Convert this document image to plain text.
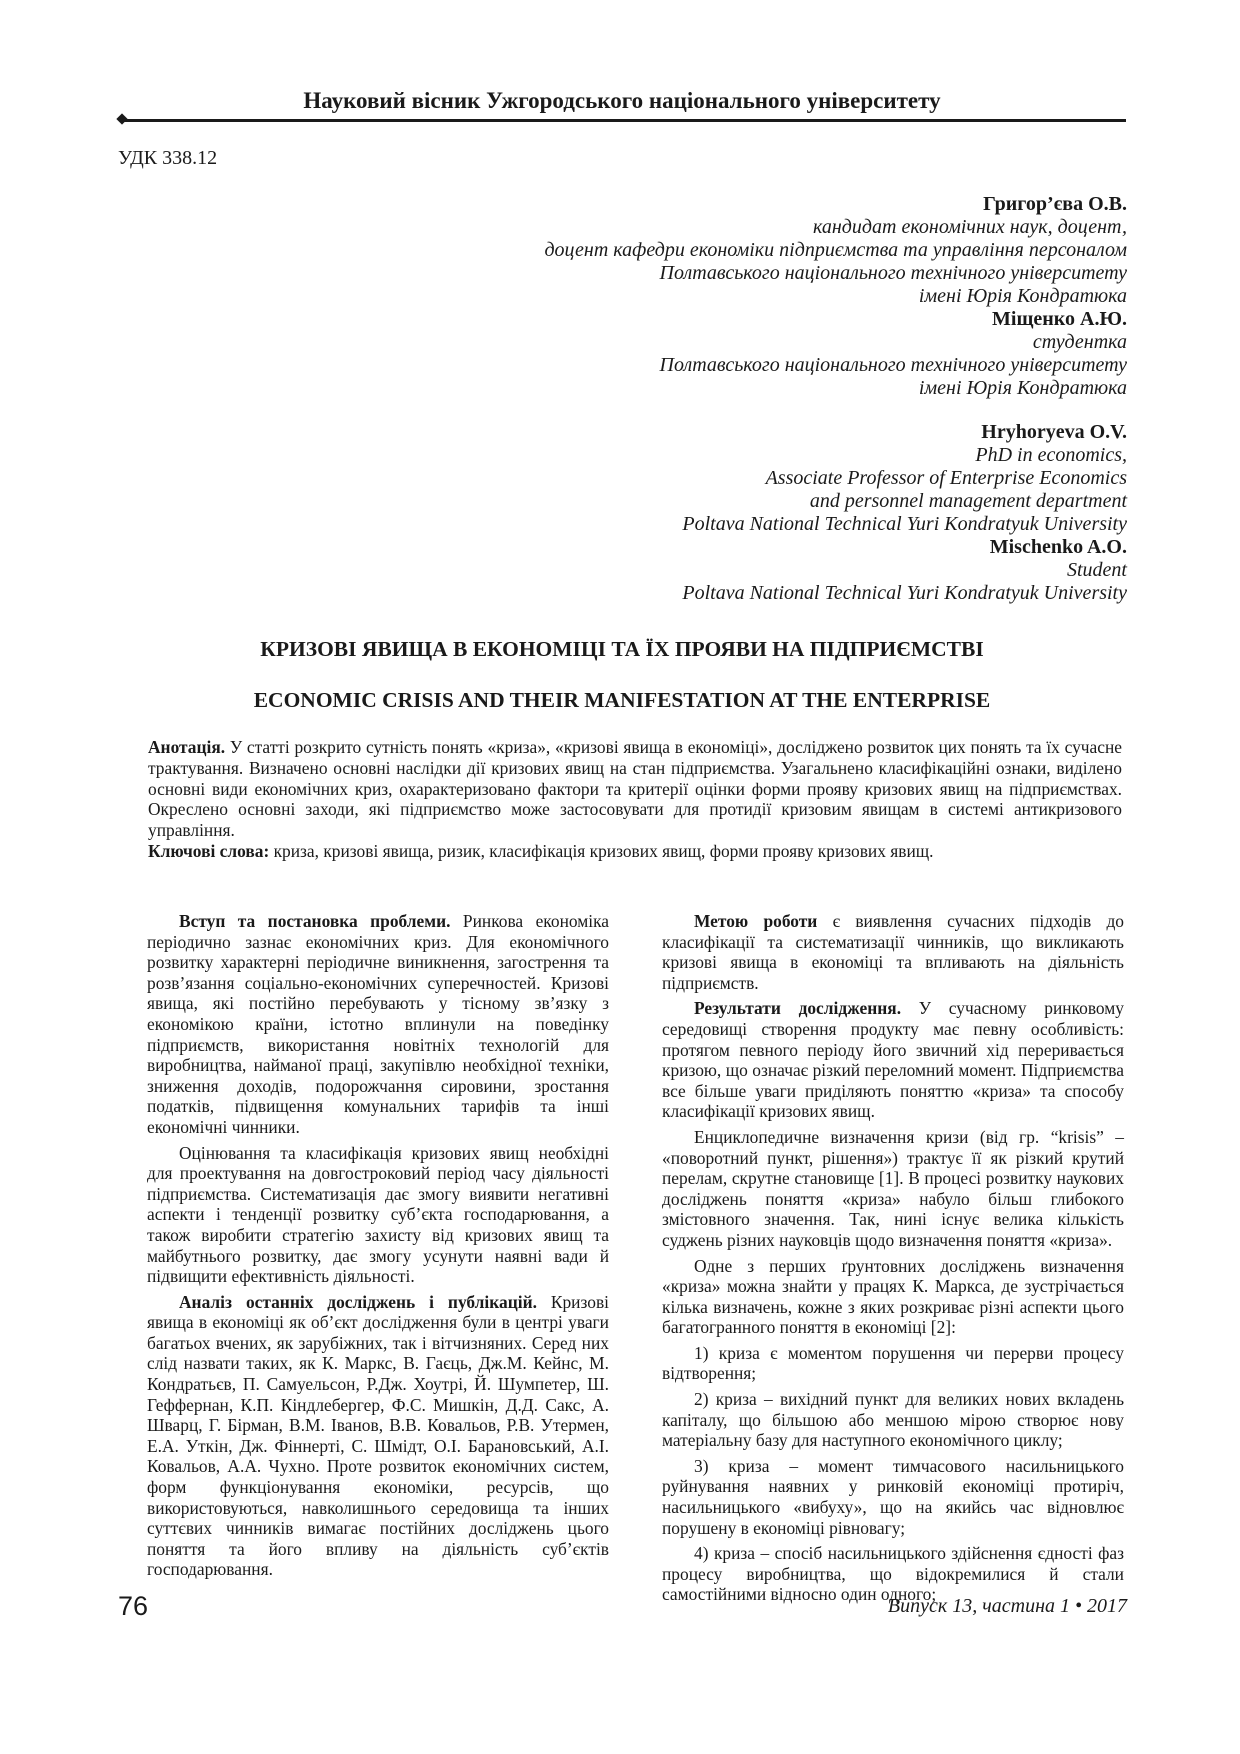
Науковий вісник Ужгородського національного університету
УДК 338.12
Григор’єва О.В.
кандидат економічних наук, доцент,
доцент кафедри економіки підприємства та управління персоналом
Полтавського національного технічного університету
імені Юрія Кондратюка
Міщенко А.Ю.
студентка
Полтавського національного технічного університету
імені Юрія Кондратюка
Hryhoryeva O.V.
PhD in economics,
Associate Professor of Enterprise Economics
and personnel management department
Poltava National Technical Yuri Kondratyuk University
Mischenko A.O.
Student
Poltava National Technical Yuri Kondratyuk University
КРИЗОВІ ЯВИЩА В ЕКОНОМІЦІ ТА ЇХ ПРОЯВИ НА ПІДПРИЄМСТВІ
ECONOMIC CRISIS AND THEIR MANIFESTATION AT THE ENTERPRISE

Анотація. У статті розкрито сутність понять «криза», «кризові явища в економіці», досліджено розвиток цих понять та їх сучасне трактування. Визначено основні наслідки дії кризових явищ на стан підприємства. Узагальнено класифікаційні ознаки, виділено основні види економічних криз, охарактеризовано фактори та критерії оцінки форми прояву кризових явищ на підприємствах. Окреслено основні заходи, які підприємство може застосовувати для протидії кризовим явищам в системі антикризового управління.

Ключові слова: криза, кризові явища, ризик, класифікація кризових явищ, форми прояву кризових явищ.

Вступ та постановка проблеми. Ринкова економіка періодично зазнає економічних криз. Для економічного розвитку характерні періодичне виникнення, загострення та розв’язання соціально-економічних суперечностей. Кризові явища, які постійно перебувають у тісному зв’язку з економікою країни, істотно вплинули на поведінку підприємств, використання новітніх технологій для виробництва, найманої праці, закупівлю необхідної техніки, зниження доходів, подорожчання сировини, зростання податків, підвищення комунальних тарифів та інші економічні чинники.

Оцінювання та класифікація кризових явищ необхідні для проектування на довгостроковий період часу діяльності підприємства. Систематизація дає змогу виявити негативні аспекти і тенденції розвитку суб’єкта господарювання, а також виробити стратегію захисту від кризових явищ та майбутнього розвитку, дає змогу усунути наявні вади й підвищити ефективність діяльності.

Аналіз останніх досліджень і публікацій. Кризові явища в економіці як об’єкт дослідження були в центрі уваги багатьох вчених, як зарубіжних, так і вітчизняних. Серед них слід назвати таких, як К. Маркс, В. Гаєць, Дж.М. Кейнс, М. Кондратьєв, П. Самуельсон, Р.Дж. Хоутрі, Й. Шумпетер, Ш. Геффернан, К.П. Кіндлебергер, Ф.С. Мишкін, Д.Д. Сакс, А. Шварц, Г. Бірман, В.М. Іванов, В.В. Ковальов, Р.В. Утермен, Е.А. Уткін, Дж. Фіннерті, С. Шмідт, О.І. Барановський, А.І. Ковальов, А.А. Чухно. Проте розвиток економічних систем, форм функціонування економіки, ресурсів, що використовуються, навколишнього середовища та інших суттєвих чинників вимагає постійних досліджень цього поняття та його впливу на діяльність суб’єктів господарювання.

Метою роботи є виявлення сучасних підходів до класифікації та систематизації чинників, що викликають кризові явища в економіці та впливають на діяльність підприємств.

Результати дослідження. У сучасному ринковому середовищі створення продукту має певну особливість: протягом певного періоду його звичний хід переривається кризою, що означає різкий переломний момент. Підприємства все більше уваги приділяють поняттю «криза» та способу класифікації кризових явищ.

Енциклопедичне визначення кризи (від гр. “krisis” – «поворотний пункт, рішення») трактує її як різкий крутий перелам, скрутне становище [1]. В процесі розвитку наукових досліджень поняття «криза» набуло більш глибокого змістовного значення. Так, нині існує велика кількість суджень різних науковців щодо визначення поняття «криза».

Одне з перших ґрунтовних досліджень визначення «криза» можна знайти у працях К. Маркса, де зустрічається кілька визначень, кожне з яких розкриває різні аспекти цього багатогранного поняття в економіці [2]:

1) криза є моментом порушення чи перерви процесу відтворення;

2) криза – вихідний пункт для великих нових вкладень капіталу, що більшою або меншою мірою створює нову матеріальну базу для наступного економічного циклу;

3) криза – момент тимчасового насильницького руйнування наявних у ринковій економіці протиріч, насильницького «вибуху», що на якийсь час відновлює порушену в економіці рівновагу;

4) криза – спосіб насильницького здійснення єдності фаз процесу виробництва, що відокремилися й стали самостійними відносно один одного;

76	Випуск 13, частина 1 • 2017
